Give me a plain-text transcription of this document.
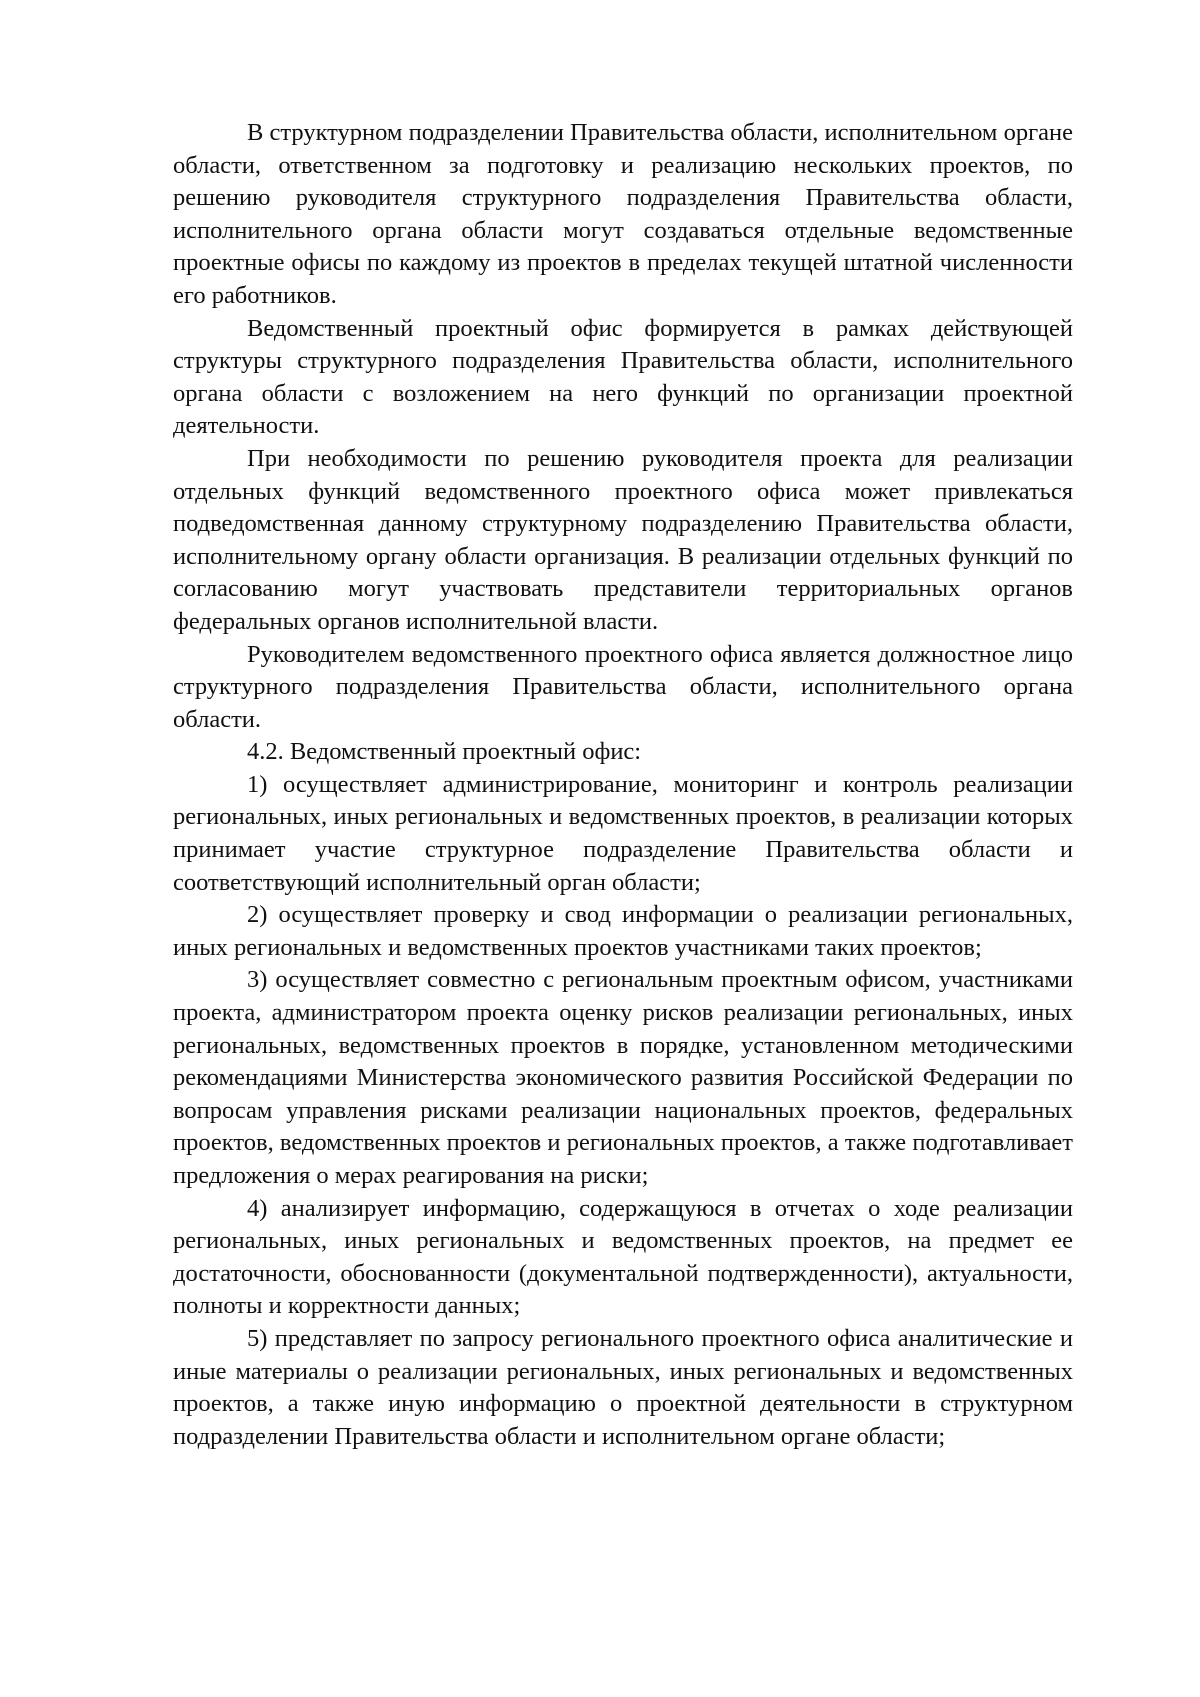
В структурном подразделении Правительства области, исполнительном органе области, ответственном за подготовку и реализацию нескольких проектов, по решению руководителя структурного подразделения Правительства области, исполнительного органа области могут создаваться отдельные ведомственные проектные офисы по каждому из проектов в пределах текущей штатной численности его работников.

Ведомственный проектный офис формируется в рамках действующей структуры структурного подразделения Правительства области, исполнительного органа области с возложением на него функций по организации проектной деятельности.

При необходимости по решению руководителя проекта для реализации отдельных функций ведомственного проектного офиса может привлекаться подведомственная данному структурному подразделению Правительства области, исполнительному органу области организация. В реализации отдельных функций по согласованию могут участвовать представители территориальных органов федеральных органов исполнительной власти.

Руководителем ведомственного проектного офиса является должностное лицо структурного подразделения Правительства области, исполнительного органа области.

4.2. Ведомственный проектный офис:

1) осуществляет администрирование, мониторинг и контроль реализации региональных, иных региональных и ведомственных проектов, в реализации которых принимает участие структурное подразделение Правительства области и соответствующий исполнительный орган области;

2) осуществляет проверку и свод информации о реализации региональных, иных региональных и ведомственных проектов участниками таких проектов;

3) осуществляет совместно с региональным проектным офисом, участниками проекта, администратором проекта оценку рисков реализации региональных, иных региональных, ведомственных проектов в порядке, установленном методическими рекомендациями Министерства экономического развития Российской Федерации по вопросам управления рисками реализации национальных проектов, федеральных проектов, ведомственных проектов и региональных проектов, а также подготавливает предложения о мерах реагирования на риски;

4) анализирует информацию, содержащуюся в отчетах о ходе реализации региональных, иных региональных и ведомственных проектов, на предмет ее достаточности, обоснованности (документальной подтвержденности), актуальности, полноты и корректности данных;

5) представляет по запросу регионального проектного офиса аналитические и иные материалы о реализации региональных, иных региональных и ведомственных проектов, а также иную информацию о проектной деятельности в структурном подразделении Правительства области и исполнительном органе области;
